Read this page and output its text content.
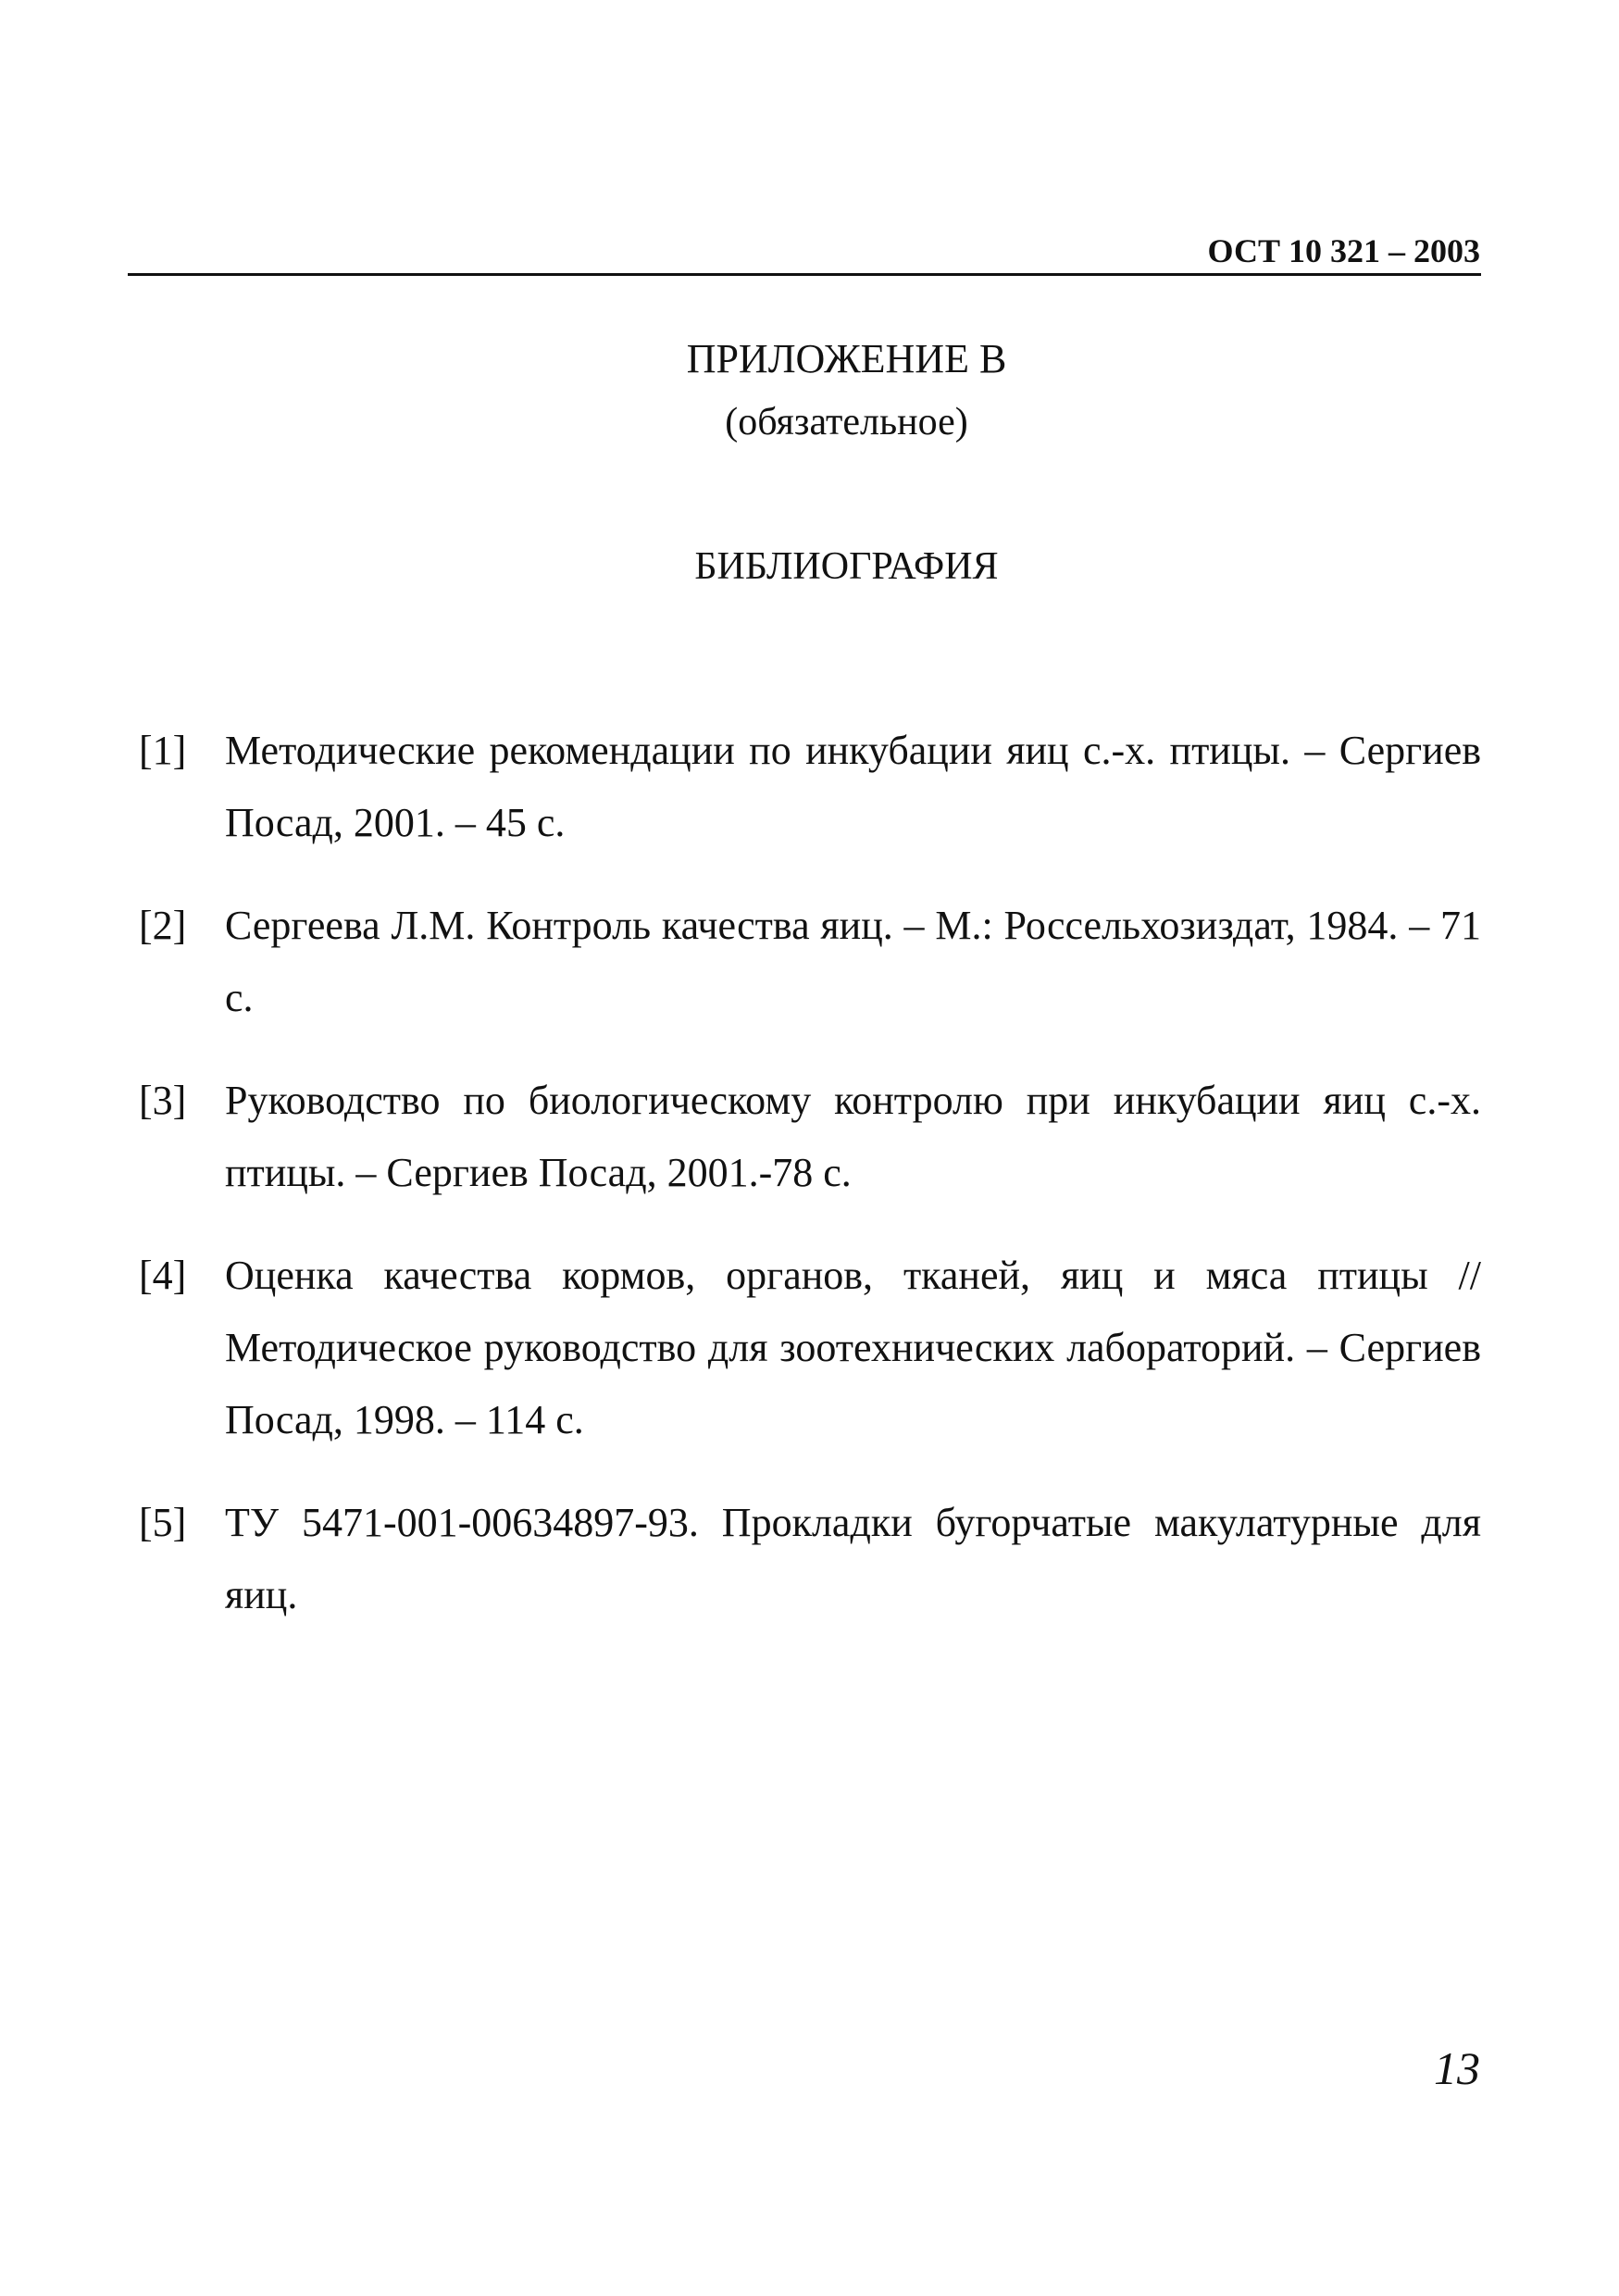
ОСТ 10 321 – 2003
ПРИЛОЖЕНИЕ В
(обязательное)
БИБЛИОГРАФИЯ
[1] Методические рекомендации по инкубации яиц с.-х. птицы. – Сергиев Посад, 2001. – 45 с.
[2] Сергеева Л.М. Контроль качества яиц. – М.: Россельхозиздат, 1984. – 71 с.
[3] Руководство по биологическому контролю при инкубации яиц с.-х. птицы. – Сергиев Посад, 2001.-78 с.
[4] Оценка качества кормов, органов, тканей, яиц и мяса птицы //Методическое руководство для зоотехнических лабораторий. – Сергиев Посад, 1998. – 114 с.
[5] ТУ 5471-001-00634897-93. Прокладки бугорчатые макулатурные для яиц.
13
